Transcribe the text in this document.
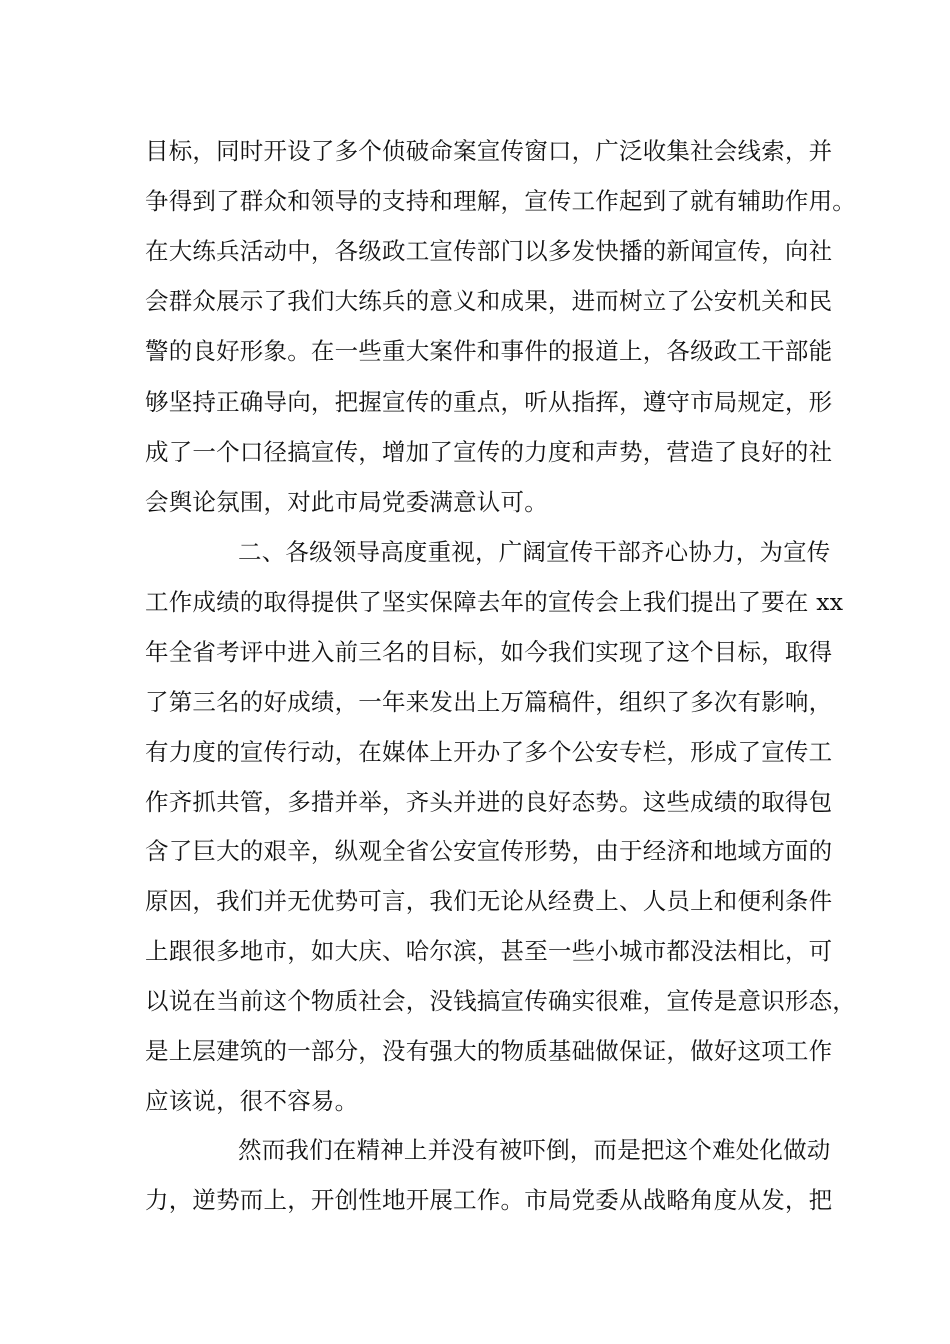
目标，同时开设了多个侦破命案宣传窗口，广泛收集社会线索，并
争得到了群众和领导的支持和理解，宣传工作起到了就有辅助作用。
在大练兵活动中，各级政工宣传部门以多发快播的新闻宣传，向社
会群众展示了我们大练兵的意义和成果，进而树立了公安机关和民
警的良好形象。在一些重大案件和事件的报道上，各级政工干部能
够坚持正确导向，把握宣传的重点，听从指挥，遵守市局规定，形
成了一个口径搞宣传，增加了宣传的力度和声势，营造了良好的社
会舆论氛围，对此市局党委满意认可。
二、各级领导高度重视，广阔宣传干部齐心协力，为宣传
工作成绩的取得提供了坚实保障去年的宣传会上我们提出了要在 xx
年全省考评中进入前三名的目标，如今我们实现了这个目标，取得
了第三名的好成绩，一年来发出上万篇稿件，组织了多次有影响，
有力度的宣传行动，在媒体上开办了多个公安专栏，形成了宣传工
作齐抓共管，多措并举，齐头并进的良好态势。这些成绩的取得包
含了巨大的艰辛，纵观全省公安宣传形势，由于经济和地域方面的
原因，我们并无优势可言，我们无论从经费上、人员上和便利条件
上跟很多地市，如大庆、哈尔滨，甚至一些小城市都没法相比，可
以说在当前这个物质社会，没钱搞宣传确实很难，宣传是意识形态，
是上层建筑的一部分，没有强大的物质基础做保证，做好这项工作
应该说，很不容易。
然而我们在精神上并没有被吓倒，而是把这个难处化做动
力，逆势而上，开创性地开展工作。市局党委从战略角度从发，把
